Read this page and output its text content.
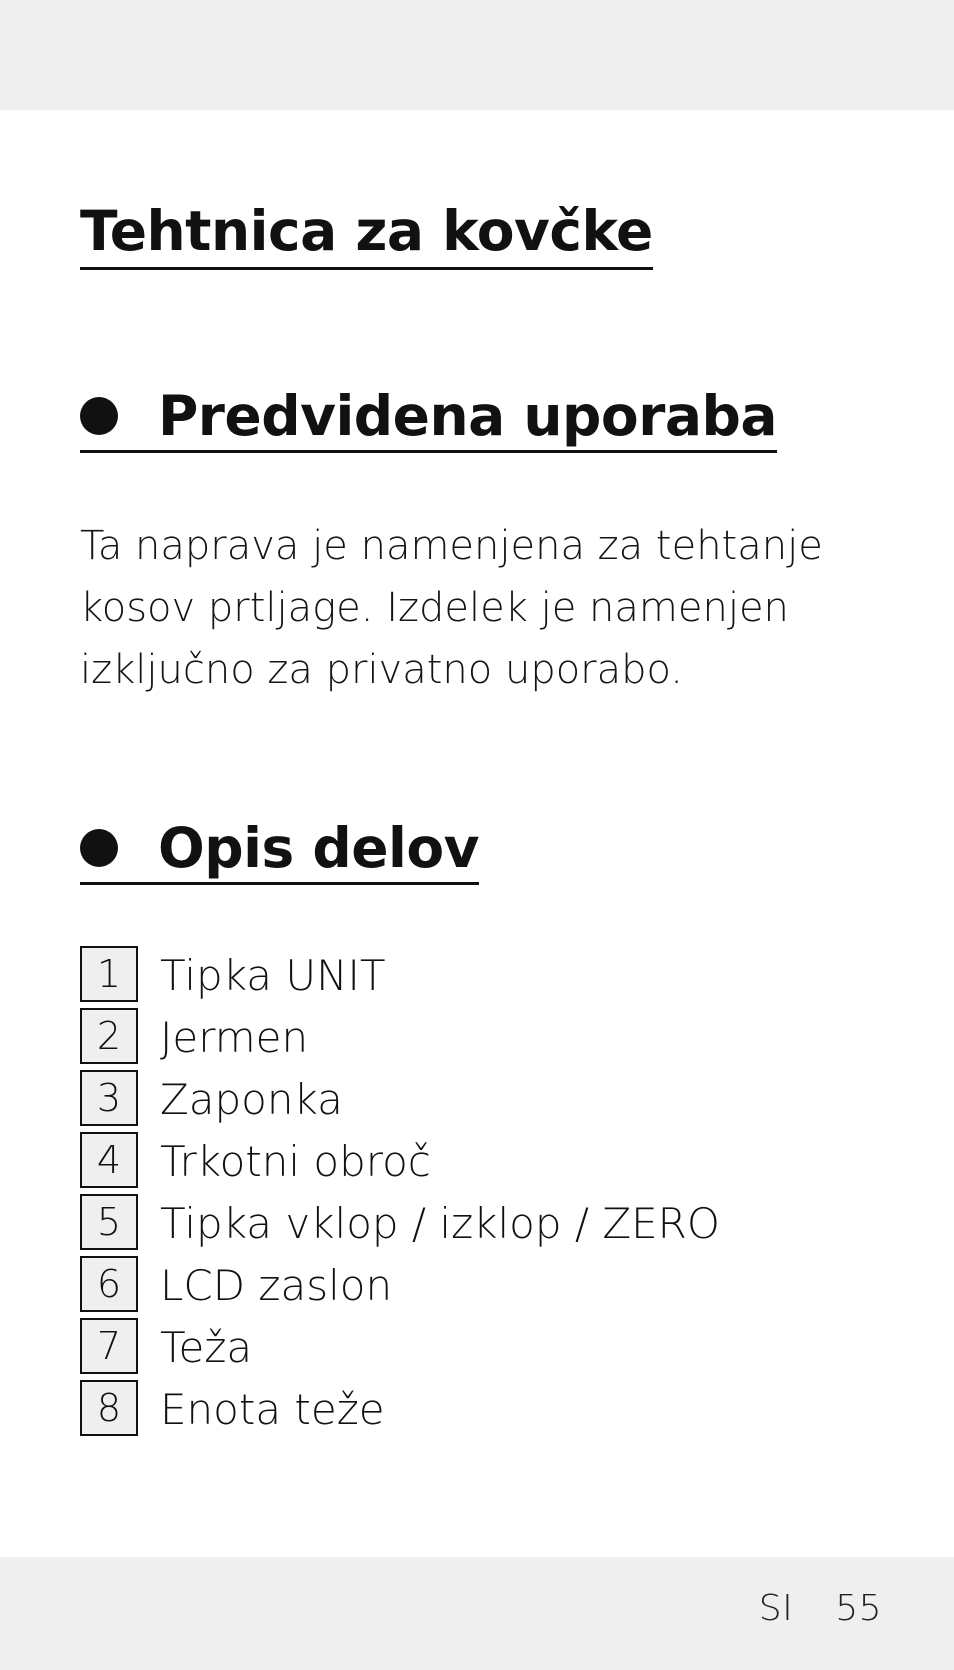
Tehtnica za kovčke
Predvidena uporaba

Ta naprava je namenjena za tehtanje
kosov prtljage. Izdelek je namenjen
izključno za privatno uporabo.

Opis delov
1 Tipka UNIT
2 Jermen
3 Zaponka
4 Trkotni obroč
5 Tipka vklop / izklop / ZERO
6 LCD zaslon
7 Teža
8 Enota teže
SI 55
